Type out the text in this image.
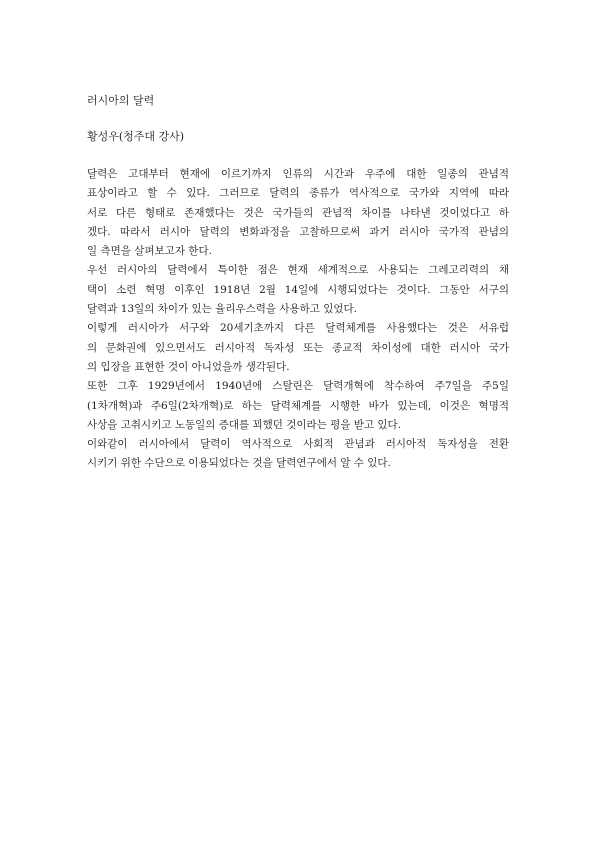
러시아의 달력
황성우(청주대 강사)
달력은 고대부터 현재에 이르기까지 인류의 시간과 우주에 대한 일종의 관념적
표상이라고 할 수 있다. 그러므로 달력의 종류가 역사적으로 국가와 지역에 따라
서로 다른 형태로 존재했다는 것은 국가들의 관념적 차이를 나타낸 것이었다고 하
겠다. 따라서 러시아 달력의 변화과정을 고찰하므로써 과거 러시아 국가적 관념의
일 측면을 살펴보고자 한다.
우선 러시아의 달력에서 특이한 점은 현재 세계적으로 사용되는 그레고리력의 채
택이 소련 혁명 이후인 1918년 2월 14일에 시행되었다는 것이다. 그동안 서구의
달력과 13일의 차이가 있는 율리우스력을 사용하고 있었다.
이렇게 러시아가 서구와 20세기초까지 다른 달력체계를 사용했다는 것은 서유럽
의 문화권에 있으면서도 러시아적 독자성 또는 종교적 차이성에 대한 러시아 국가
의 입장을 표현한 것이 아니었을까 생각된다.
또한 그후 1929년에서 1940년에 스탈린은 달력개혁에 착수하여 주7일을 주5일
(1차개혁)과 주6일(2차개혁)로 하는 달력체계를 시행한 바가 있는데, 이것은 혁명적
사상을 고취시키고 노동일의 증대를 꾀했던 것이라는 평을 받고 있다.
이와같이 러시아에서 달력이 역사적으로 사회적 관념과 러시아적 독자성을 전환
시키기 위한 수단으로 이용되었다는 것을 달력연구에서 알 수 있다.
